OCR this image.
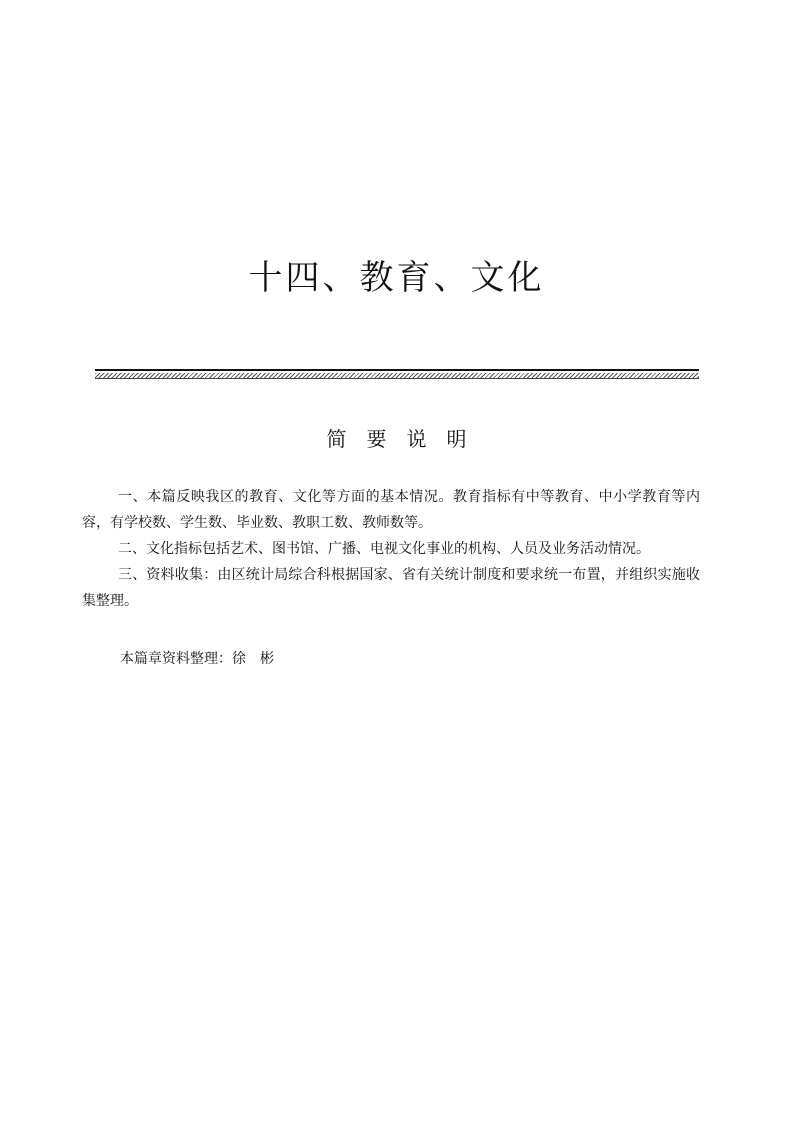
十四、教育、文化
简要说明

一、本篇反映我区的教育、文化等方面的基本情况。教育指标有中等教育、中小学教育等内容，有学校数、学生数、毕业数、教职工数、教师数等。

二、文化指标包括艺术、图书馆、广播、电视文化事业的机构、人员及业务活动情况。

三、资料收集：由区统计局综合科根据国家、省有关统计制度和要求统一布置，并组织实施收集整理。

本篇章资料整理：徐　彬
